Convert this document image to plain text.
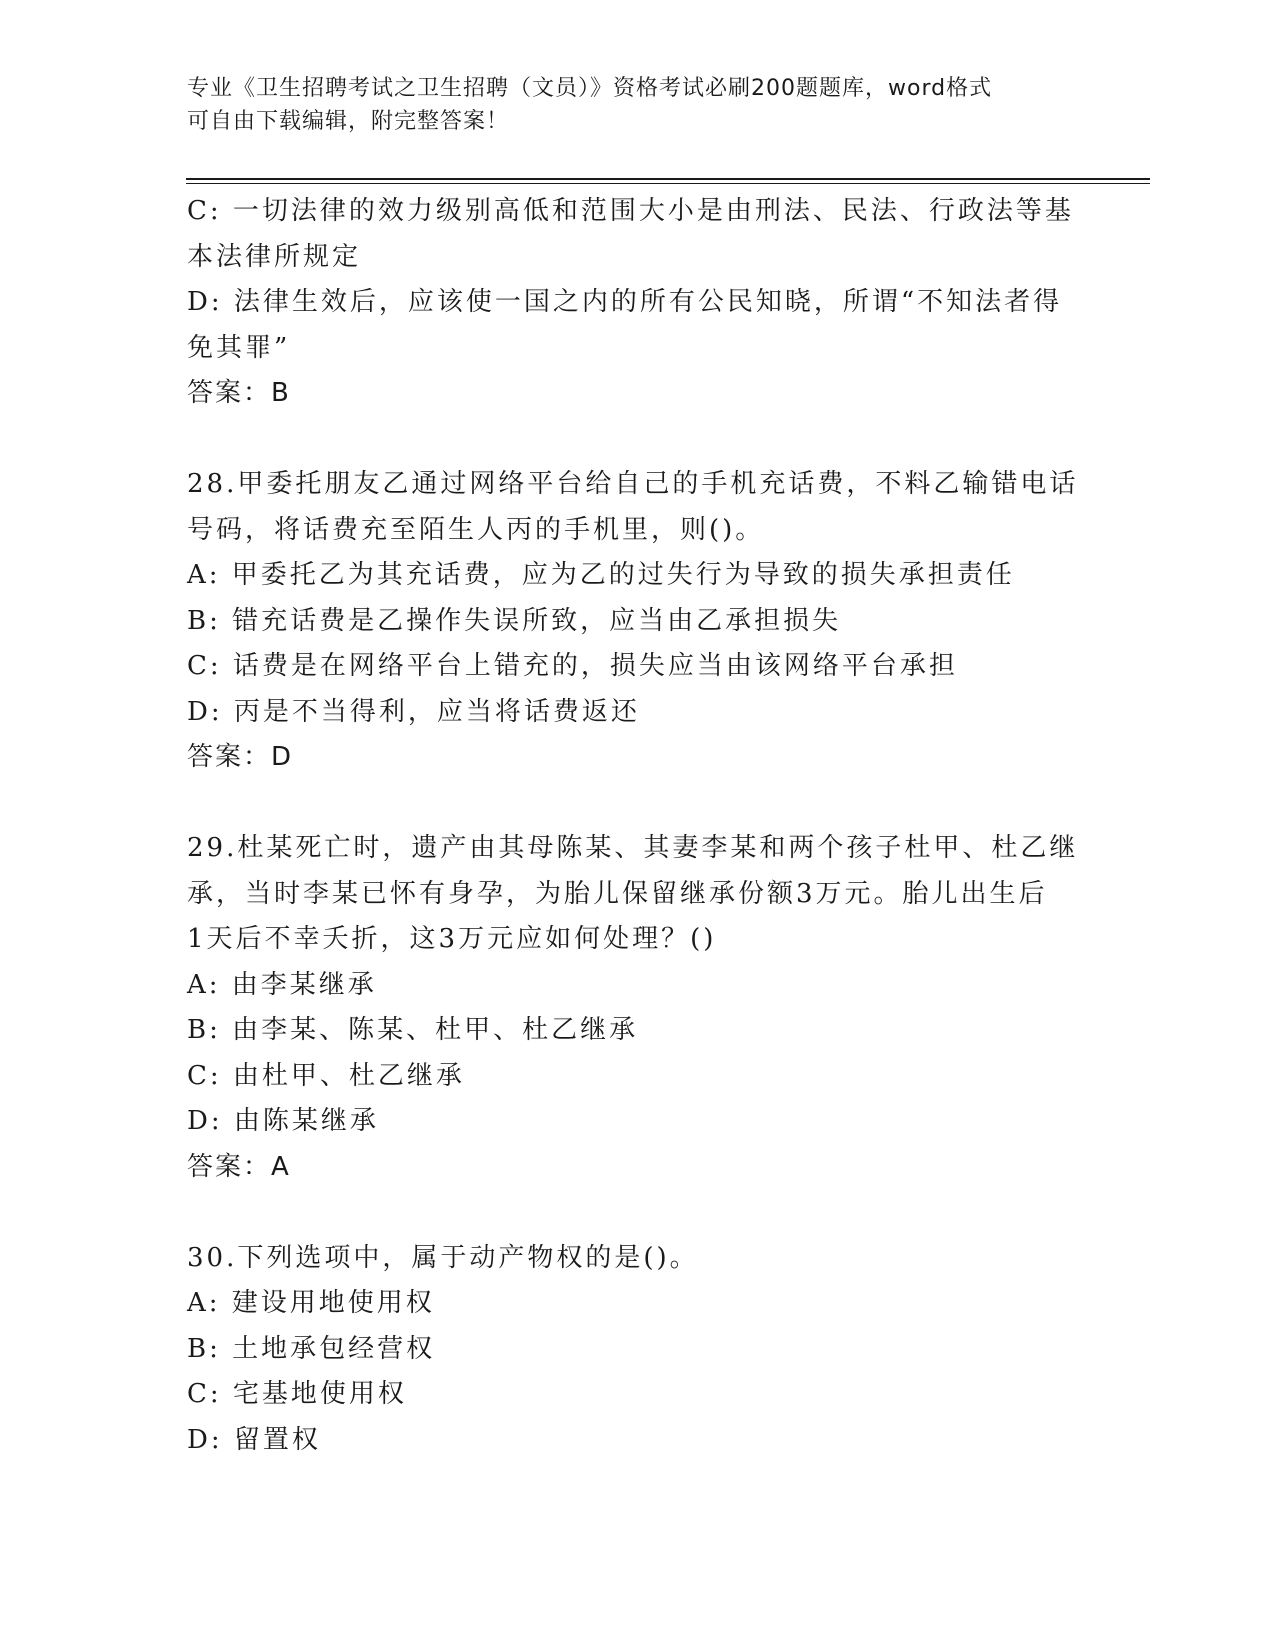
专业《卫生招聘考试之卫生招聘（文员）》资格考试必刷200题题库，word格式

可自由下载编辑，附完整答案！

C: 一切法律的效力级别高低和范围大小是由刑法、民法、行政法等基

本法律所规定

D: 法律生效后，应该使一国之内的所有公民知晓，所谓“不知法者得

免其罪”

答案：B

28.甲委托朋友乙通过网络平台给自己的手机充话费，不料乙输错电话

号码，将话费充至陌生人丙的手机里，则()。

A: 甲委托乙为其充话费，应为乙的过失行为导致的损失承担责任

B: 错充话费是乙操作失误所致，应当由乙承担损失

C: 话费是在网络平台上错充的，损失应当由该网络平台承担

D: 丙是不当得利，应当将话费返还

答案：D

29.杜某死亡时，遗产由其母陈某、其妻李某和两个孩子杜甲、杜乙继

承，当时李某已怀有身孕，为胎儿保留继承份额3万元。胎儿出生后

1天后不幸夭折，这3万元应如何处理？()

A: 由李某继承

B: 由李某、陈某、杜甲、杜乙继承

C: 由杜甲、杜乙继承

D: 由陈某继承

答案：A

30.下列选项中，属于动产物权的是()。

A: 建设用地使用权

B: 土地承包经营权

C: 宅基地使用权

D: 留置权
